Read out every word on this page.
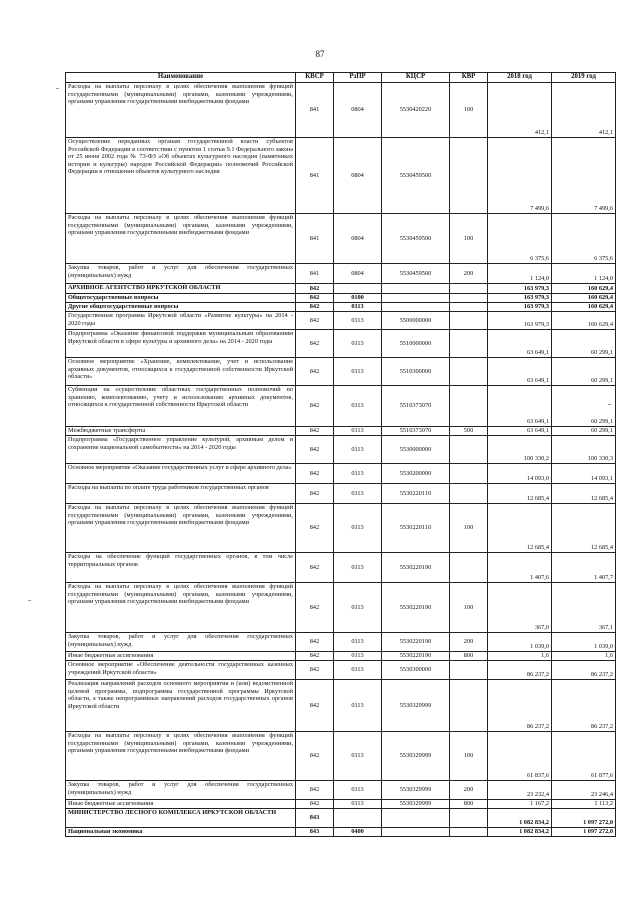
87
Наименование	КВСР	РзПР	КЦСР	КВР	2018 год	2019 год
Расходы на выплаты персоналу в целях обеспечения выполнения функций государственными (муниципальными) органами, казенными учреждениями, органами управления государственными внебюджетными фондами	841	0804	5530420220	100	412,1	412,1
Осуществление переданных органам государственной власти субъектов Российской Федерации в соответствии с пунктом 1 статьи 9.1 Федерального закона от 25 июня 2002 года № 73-ФЗ «Об объектах культурного наследия (памятниках истории и культуры) народов Российской Федерации» полномочий Российской Федерации в отношении объектов культурного наследия	841	0804	5530459500		7 499,6	7 499,6
Расходы на выплаты персоналу в целях обеспечения выполнения функций государственными (муниципальными) органами, казенными учреждениями, органами управления государственными внебюджетными фондами	841	0804	5530459500	100	6 375,6	6 375,6
Закупка товаров, работ и услуг для обеспечения государственных (муниципальных) нужд	841	0804	5530459500	200	1 124,0	1 124,0
АРХИВНОЕ АГЕНТСТВО ИРКУТСКОЙ ОБЛАСТИ	842				163 979,3	160 629,4
Общегосударственные вопросы	842	0100			163 979,3	160 629,4
Другие общегосударственные вопросы	842	0113			163 979,3	160 629,4
Государственная программа Иркутской области «Развитие культуры» на 2014 - 2020 годы	842	0113	5500000000		163 979,3	160 629,4
Подпрограмма «Оказание финансовой поддержки муниципальным образованиям Иркутской области в сфере культуры и архивного дела» на 2014 - 2020 годы	842	0113	5510000000		63 649,1	60 299,1
Основное мероприятие «Хранение, комплектование, учет и использование архивных документов, относящихся к государственной собственности Иркутской области»	842	0113	5510300000		63 649,1	60 299,1
Субвенции на осуществление областных государственных полномочий по хранению, комплектованию, учету и использованию архивных документов, относящихся к государственной собственности Иркутской области	842	0113	5510373070		63 649,1	60 299,1
Межбюджетные трансферты	842	0113	5510373070	500	63 649,1	60 299,1
Подпрограмма «Государственное управление культурой, архивным делом и сохранение национальной самобытности» на 2014 - 2020 годы	842	0113	5530000000		100 330,2	100 330,3
Основное мероприятие «Оказание государственных услуг в сфере архивного дела»	842	0113	5530200000		14 093,0	14 093,1
Расходы на выплаты по оплате труда работников государственных органов	842	0113	5530220110		12 685,4	12 685,4
Расходы на выплаты персоналу в целях обеспечения выполнения функций государственными (муниципальными) органами, казенными учреждениями, органами управления государственными внебюджетными фондами	842	0113	5530220110	100	12 685,4	12 685,4
Расходы на обеспечение функций государственных органов, в том числе территориальных органов	842	0113	5530220190		1 407,6	1 407,7
Расходы на выплаты персоналу в целях обеспечения выполнения функций государственными (муниципальными) органами, казенными учреждениями, органами управления государственными внебюджетными фондами	842	0113	5530220190	100	367,0	367,1
Закупка товаров, работ и услуг для обеспечения государственных (муниципальных) нужд	842	0113	5530220190	200	1 039,0	1 039,0
Иные бюджетные ассигнования	842	0113	5530220190	800	1,6	1,6
Основное мероприятие «Обеспечение деятельности государственных казенных учреждений Иркутской области»	842	0113	5530300000		86 237,2	86 237,2
Реализация направлений расходов основного мероприятия и (или) ведомственной целевой программы, подпрограммы государственной программы Иркутской области, а также непрограммных направлений расходов государственных органов Иркутской области	842	0113	5530329999		86 237,2	86 237,2
Расходы на выплаты персоналу в целях обеспечения выполнения функций государственными (муниципальными) органами, казенными учреждениями, органами управления государственными внебюджетными фондами	842	0113	5530329999	100	61 837,6	61 877,6
Закупка товаров, работ и услуг для обеспечения государственных (муниципальных) нужд	842	0113	5530329999	200	23 232,4	23 246,4
Иные бюджетные ассигнования	842	0113	5530329999	800	1 167,2	1 113,2
МИНИСТЕРСТВО ЛЕСНОГО КОМПЛЕКСА ИРКУТСКОЙ ОБЛАСТИ	843				1 082 834,2	1 097 272,0
Национальная экономика	843	0400			1 082 834,2	1 097 272,0
